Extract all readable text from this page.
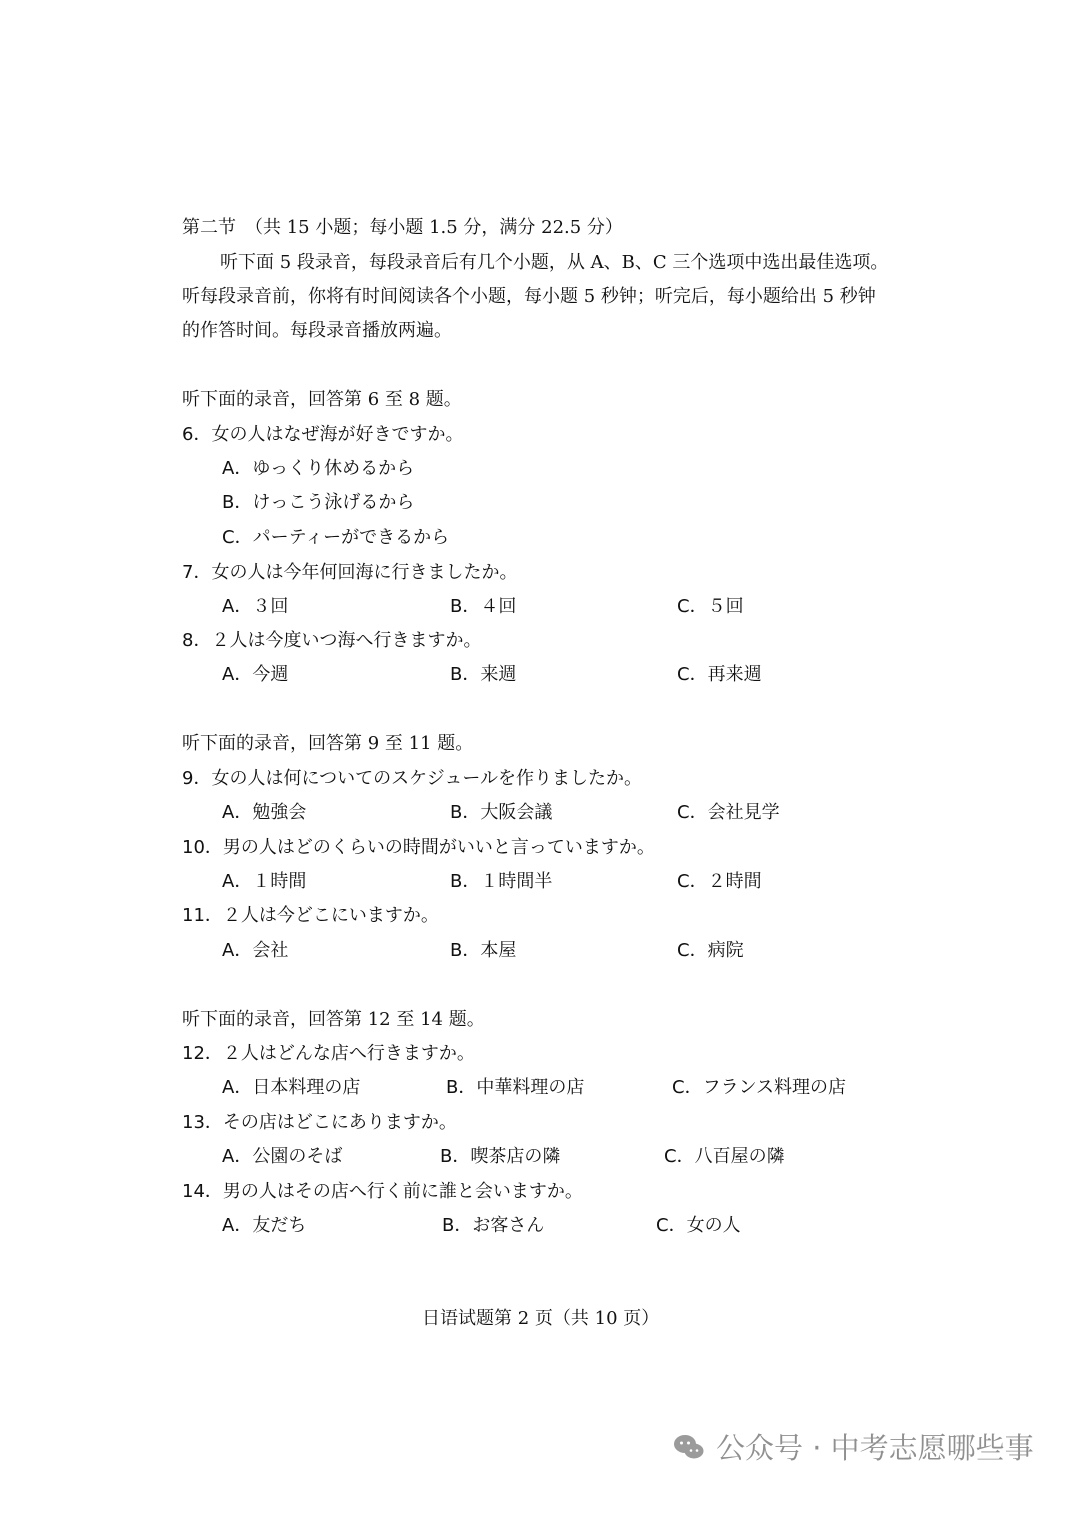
第二节　（共 15 小题；每小题 1.5 分，满分 22.5 分）
听下面 5 段录音，每段录音后有几个小题，从 A、B、C 三个选项中选出最佳选项。
听每段录音前，你将有时间阅读各个小题，每小题 5 秒钟；听完后，每小题给出 5 秒钟
的作答时间。每段录音播放两遍。
听下面的录音，回答第 6 至 8 题。
6．女の人はなぜ海が好きですか。
A．ゆっくり休めるから
B．けっこう泳げるから
C．パーティーができるから
7．女の人は今年何回海に行きましたか。
A．３回	B．４回	C．５回
8．２人は今度いつ海へ行きますか。
A．今週	B．来週	C．再来週
听下面的录音，回答第 9 至 11 题。
9．女の人は何についてのスケジュールを作りましたか。
A．勉強会	B．大阪会議	C．会社見学
10．男の人はどのくらいの時間がいいと言っていますか。
A．１時間	B．１時間半	C．２時間
11．２人は今どこにいますか。
A．会社	B．本屋	C．病院
听下面的录音，回答第 12 至 14 题。
12．２人はどんな店へ行きますか。
A．日本料理の店	B．中華料理の店	C．フランス料理の店
13．その店はどこにありますか。
A．公園のそば	B．喫茶店の隣	C．八百屋の隣
14．男の人はその店へ行く前に誰と会いますか。
A．友だち	B．お客さん	C．女の人
日语试题第 2 页（共 10 页）
公众号 · 中考志愿哪些事
